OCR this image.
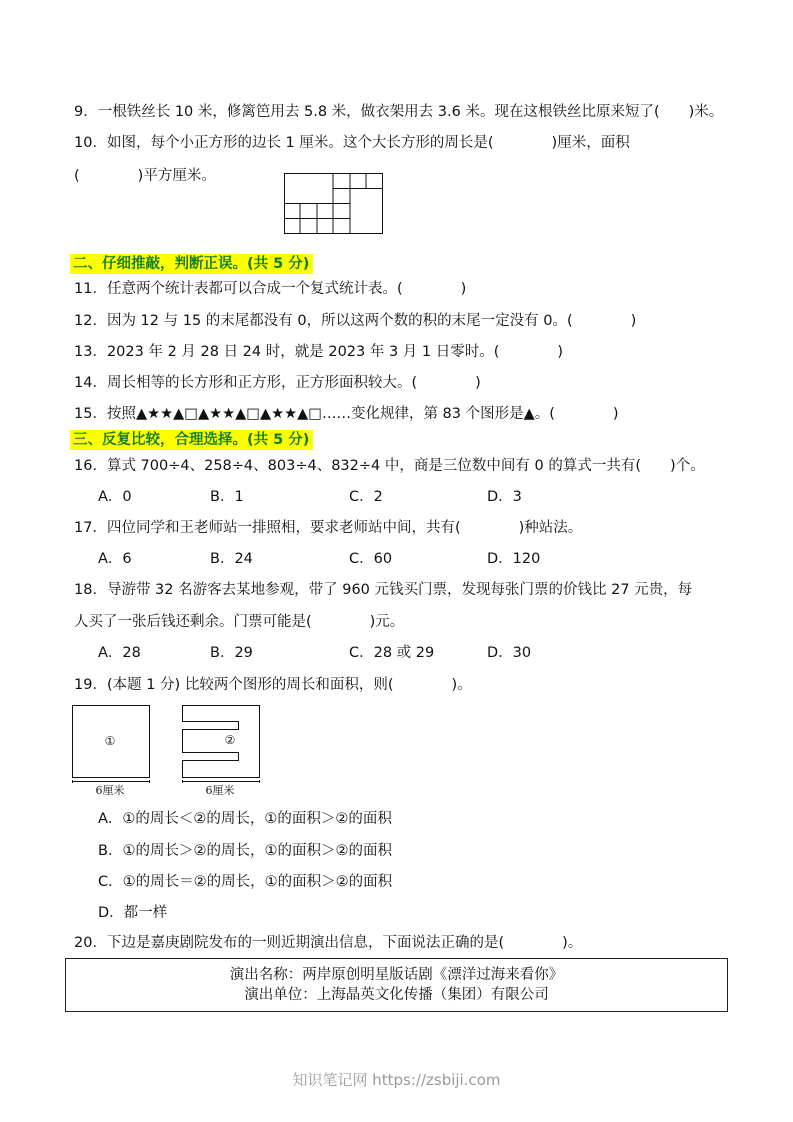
9．一根铁丝长 10 米，修篱笆用去 5.8 米，做衣架用去 3.6 米。现在这根铁丝比原来短了(　　)米。
10．如图，每个小正方形的边长 1 厘米。这个大长方形的周长是(　　　　)厘米，面积
(　　　　)平方厘米。
二、仔细推敲，判断正误。(共 5 分)
11．任意两个统计表都可以合成一个复式统计表。(　　　　)
12．因为 12 与 15 的末尾都没有 0，所以这两个数的积的末尾一定没有 0。(　　　　)
13．2023 年 2 月 28 日 24 时，就是 2023 年 3 月 1 日零时。(　　　　)
14．周长相等的长方形和正方形，正方形面积较大。(　　　　)
15．按照▲★★▲□▲★★▲□▲★★▲□……变化规律，第 83 个图形是▲。(　　　　)
三、反复比较，合理选择。(共 5 分)
16．算式 700÷4、258÷4、803÷4、832÷4 中，商是三位数中间有 0 的算式一共有(　　)个。
A．0	B．1	C．2	D．3
17．四位同学和王老师站一排照相，要求老师站中间，共有(　　　　)种站法。
A．6	B．24	C．60	D．120
18．导游带 32 名游客去某地参观，带了 960 元钱买门票，发现每张门票的价钱比 27 元贵，每
人买了一张后钱还剩余。门票可能是(　　　　)元。
A．28	B．29	C．28 或 29	D．30
19．(本题 1 分) 比较两个图形的周长和面积，则(　　　　)。
①	②
6厘米	6厘米
A．①的周长＜②的周长，①的面积＞②的面积
B．①的周长＞②的周长，①的面积＞②的面积
C．①的周长＝②的周长，①的面积＞②的面积
D．都一样
20．下边是嘉庚剧院发布的一则近期演出信息，下面说法正确的是(　　　　)。
演出名称：两岸原创明星版话剧《漂洋过海来看你》
演出单位：上海晶英文化传播（集团）有限公司
知识笔记网 https://zsbiji.com
